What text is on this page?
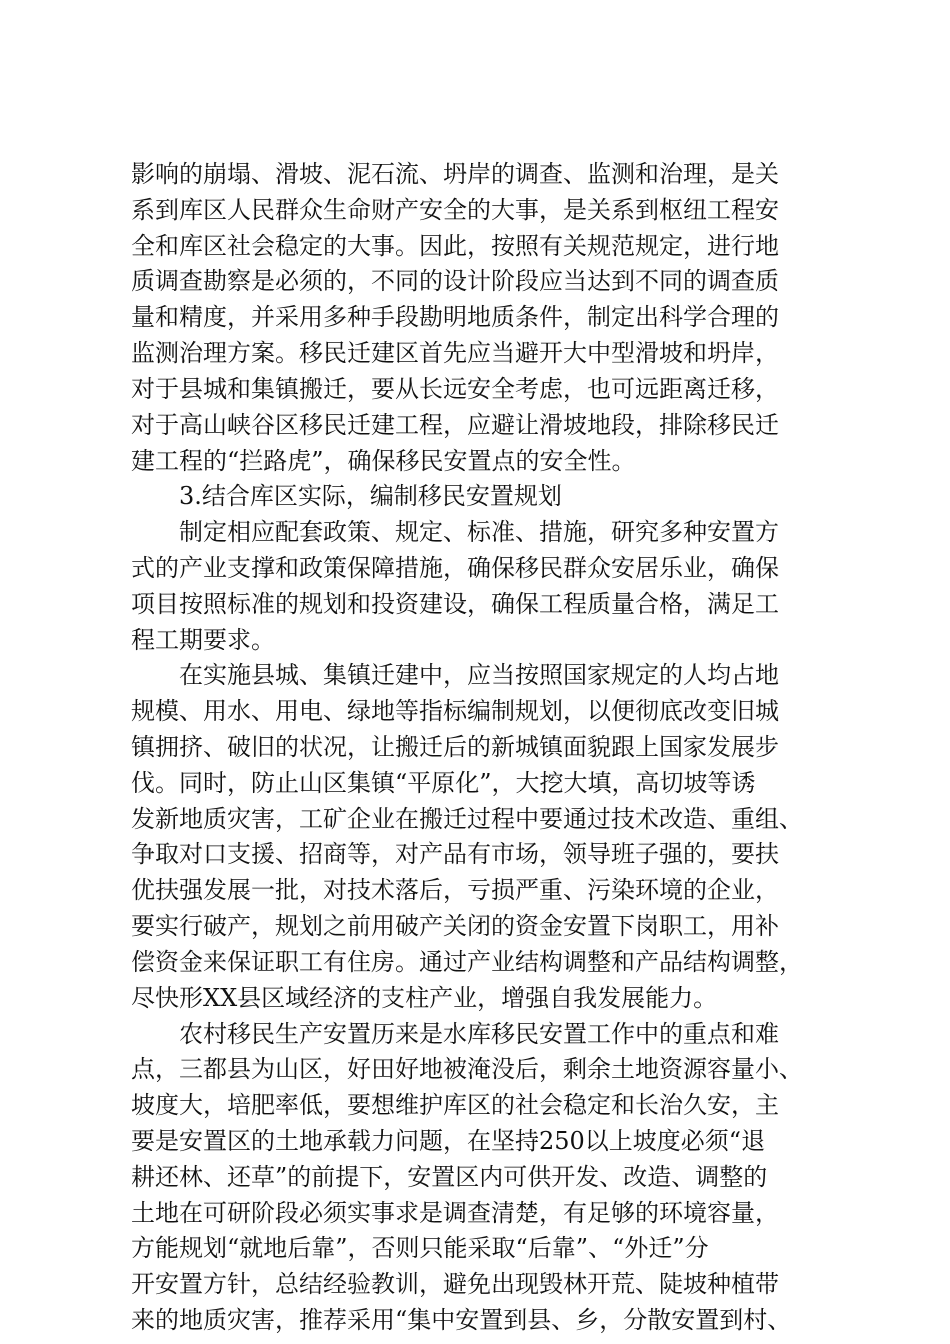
影响的崩塌、滑坡、泥石流、坍岸的调查、监测和治理，是关
系到库区人民群众生命财产安全的大事，是关系到枢纽工程安
全和库区社会稳定的大事。因此，按照有关规范规定，进行地
质调查勘察是必须的，不同的设计阶段应当达到不同的调查质
量和精度，并采用多种手段勘明地质条件，制定出科学合理的
监测治理方案。移民迁建区首先应当避开大中型滑坡和坍岸，
对于县城和集镇搬迁，要从长远安全考虑，也可远距离迁移，
对于高山峡谷区移民迁建工程，应避让滑坡地段，排除移民迁
建工程的“拦路虎”，确保移民安置点的安全性。
3.结合库区实际，编制移民安置规划
制定相应配套政策、规定、标准、措施，研究多种安置方
式的产业支撑和政策保障措施，确保移民群众安居乐业，确保
项目按照标准的规划和投资建设，确保工程质量合格，满足工
程工期要求。
在实施县城、集镇迁建中，应当按照国家规定的人均占地
规模、用水、用电、绿地等指标编制规划，以便彻底改变旧城
镇拥挤、破旧的状况，让搬迁后的新城镇面貌跟上国家发展步
伐。同时，防止山区集镇“平原化”，大挖大填，高切坡等诱
发新地质灾害，工矿企业在搬迁过程中要通过技术改造、重组、
争取对口支援、招商等，对产品有市场，领导班子强的，要扶
优扶强发展一批，对技术落后，亏损严重、污染环境的企业，
要实行破产，规划之前用破产关闭的资金安置下岗职工，用补
偿资金来保证职工有住房。通过产业结构调整和产品结构调整，
尽快形XX县区域经济的支柱产业，增强自我发展能力。
农村移民生产安置历来是水库移民安置工作中的重点和难
点，三都县为山区，好田好地被淹没后，剩余土地资源容量小、
坡度大，培肥率低，要想维护库区的社会稳定和长治久安，主
要是安置区的土地承载力问题，在坚持250以上坡度必须“退
耕还林、还草”的前提下，安置区内可供开发、改造、调整的
土地在可研阶段必须实事求是调查清楚，有足够的环境容量，
方能规划“就地后靠”，否则只能采取“后靠”、“外迁”分
开安置方针，总结经验教训，避免出现毁林开荒、陡坡种植带
来的地质灾害，推荐采用“集中安置到县、乡，分散安置到村、
